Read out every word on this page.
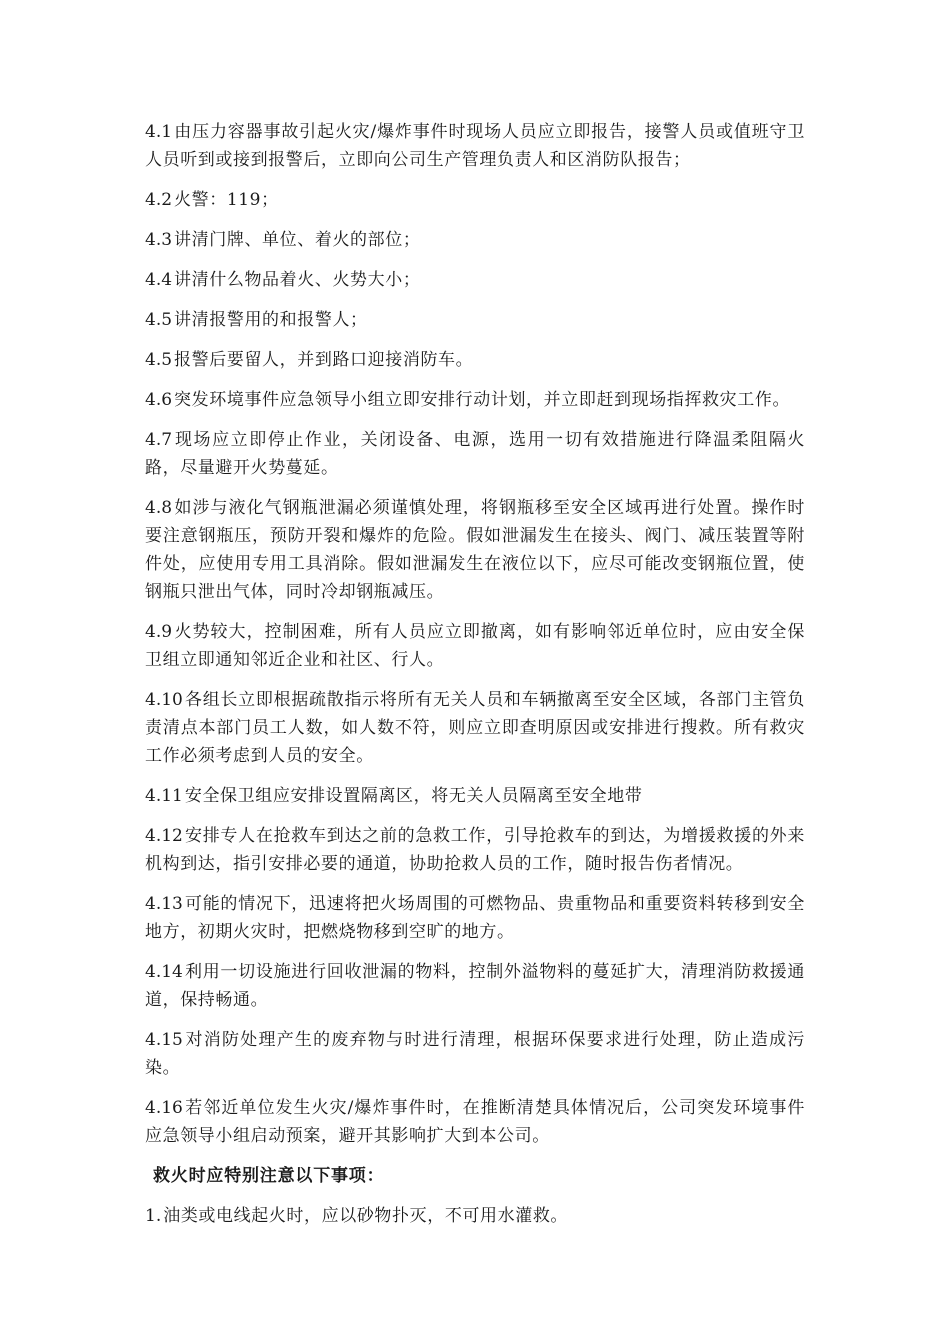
4.1 由压力容器事故引起火灾/爆炸事件时现场人员应立即报告，接警人员或值班守卫人员听到或接到报警后，立即向公司生产管理负责人和区消防队报告；

4.2 火警：119；

4.3 讲清门牌、单位、着火的部位；

4.4 讲清什么物品着火、火势大小；

4.5 讲清报警用的和报警人；

4.5 报警后要留人，并到路口迎接消防车。

4.6 突发环境事件应急领导小组立即安排行动计划，并立即赶到现场指挥救灾工作。

4.7 现场应立即停止作业，关闭设备、电源，选用一切有效措施进行降温柔阻隔火路，尽量避开火势蔓延。

4.8 如涉与液化气钢瓶泄漏必须谨慎处理，将钢瓶移至安全区域再进行处置。操作时要注意钢瓶压，预防开裂和爆炸的危险。假如泄漏发生在接头、阀门、减压装置等附件处，应使用专用工具消除。假如泄漏发生在液位以下，应尽可能改变钢瓶位置，使钢瓶只泄出气体，同时冷却钢瓶减压。

4.9 火势较大，控制困难，所有人员应立即撤离，如有影响邻近单位时，应由安全保卫组立即通知邻近企业和社区、行人。

4.10 各组长立即根据疏散指示将所有无关人员和车辆撤离至安全区域，各部门主管负责清点本部门员工人数，如人数不符，则应立即查明原因或安排进行搜救。所有救灾工作必须考虑到人员的安全。

4.11 安全保卫组应安排设置隔离区，将无关人员隔离至安全地带

4.12 安排专人在抢救车到达之前的急救工作，引导抢救车的到达，为增援救援的外来机构到达，指引安排必要的通道，协助抢救人员的工作，随时报告伤者情况。

4.13 可能的情况下，迅速将把火场周围的可燃物品、贵重物品和重要资料转移到安全地方，初期火灾时，把燃烧物移到空旷的地方。

4.14 利用一切设施进行回收泄漏的物料，控制外溢物料的蔓延扩大，清理消防救援通道，保持畅通。

4.15 对消防处理产生的废弃物与时进行清理，根据环保要求进行处理，防止造成污染。

4.16 若邻近单位发生火灾/爆炸事件时，在推断清楚具体情况后，公司突发环境事件应急领导小组启动预案，避开其影响扩大到本公司。

救火时应特别注意以下事项：

1. 油类或电线起火时，应以砂物扑灭，不可用水灌救。
